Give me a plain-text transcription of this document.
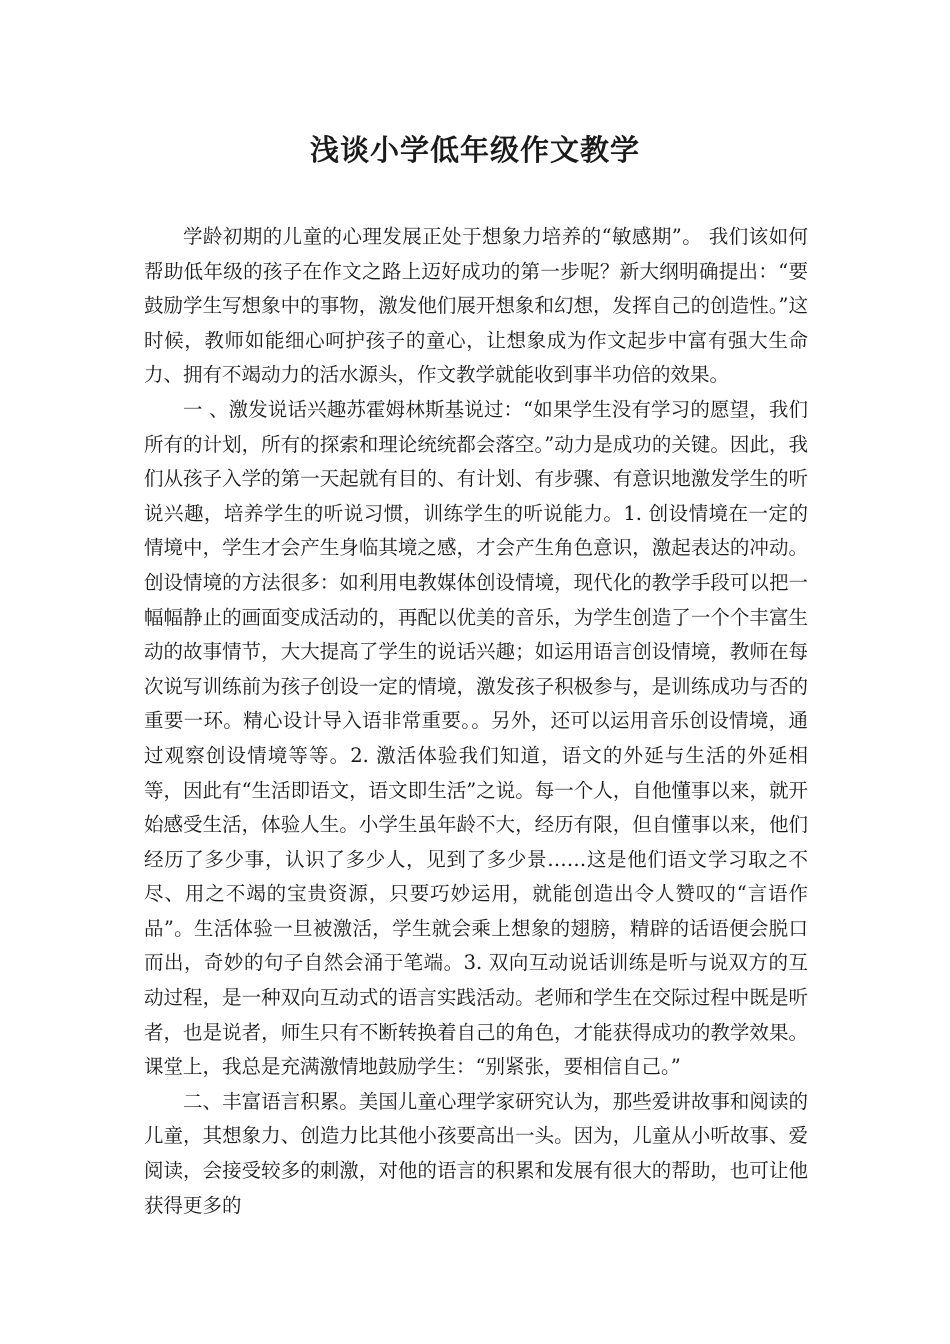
浅谈小学低年级作文教学

学龄初期的儿童的心理发展正处于想象力培养的“敏感期”。 我们该如何帮助低年级的孩子在作文之路上迈好成功的第一步呢？新大纲明确提出：“要鼓励学生写想象中的事物，激发他们展开想象和幻想，发挥自己的创造性。”这时候，教师如能细心呵护孩子的童心，让想象成为作文起步中富有强大生命力、拥有不竭动力的活水源头，作文教学就能收到事半功倍的效果。

一 、激发说话兴趣苏霍姆林斯基说过：“如果学生没有学习的愿望，我们所有的计划，所有的探索和理论统统都会落空。”动力是成功的关键。因此，我们从孩子入学的第一天起就有目的、有计划、有步骤、有意识地激发学生的听说兴趣，培养学生的听说习惯，训练学生的听说能力。1. 创设情境在一定的情境中，学生才会产生身临其境之感，才会产生角色意识，激起表达的冲动。创设情境的方法很多：如利用电教媒体创设情境，现代化的教学手段可以把一幅幅静止的画面变成活动的，再配以优美的音乐，为学生创造了一个个丰富生动的故事情节，大大提高了学生的说话兴趣；如运用语言创设情境，教师在每次说写训练前为孩子创设一定的情境，激发孩子积极参与，是训练成功与否的重要一环。精心设计导入语非常重要。。另外，还可以运用音乐创设情境，通过观察创设情境等等。2. 激活体验我们知道，语文的外延与生活的外延相等，因此有“生活即语文，语文即生活”之说。每一个人，自他懂事以来，就开始感受生活，体验人生。小学生虽年龄不大，经历有限，但自懂事以来，他们经历了多少事，认识了多少人，见到了多少景……这是他们语文学习取之不尽、用之不竭的宝贵资源，只要巧妙运用，就能创造出令人赞叹的“言语作品”。生活体验一旦被激活，学生就会乘上想象的翅膀，精辟的话语便会脱口而出，奇妙的句子自然会涌于笔端。3. 双向互动说话训练是听与说双方的互动过程，是一种双向互动式的语言实践活动。老师和学生在交际过程中既是听者，也是说者，师生只有不断转换着自己的角色，才能获得成功的教学效果。课堂上，我总是充满激情地鼓励学生：“别紧张，要相信自己。”

二、丰富语言积累。美国儿童心理学家研究认为，那些爱讲故事和阅读的儿童，其想象力、创造力比其他小孩要高出一头。因为，儿童从小听故事、爱阅读，会接受较多的刺激，对他的语言的积累和发展有很大的帮助，也可让他获得更多的
